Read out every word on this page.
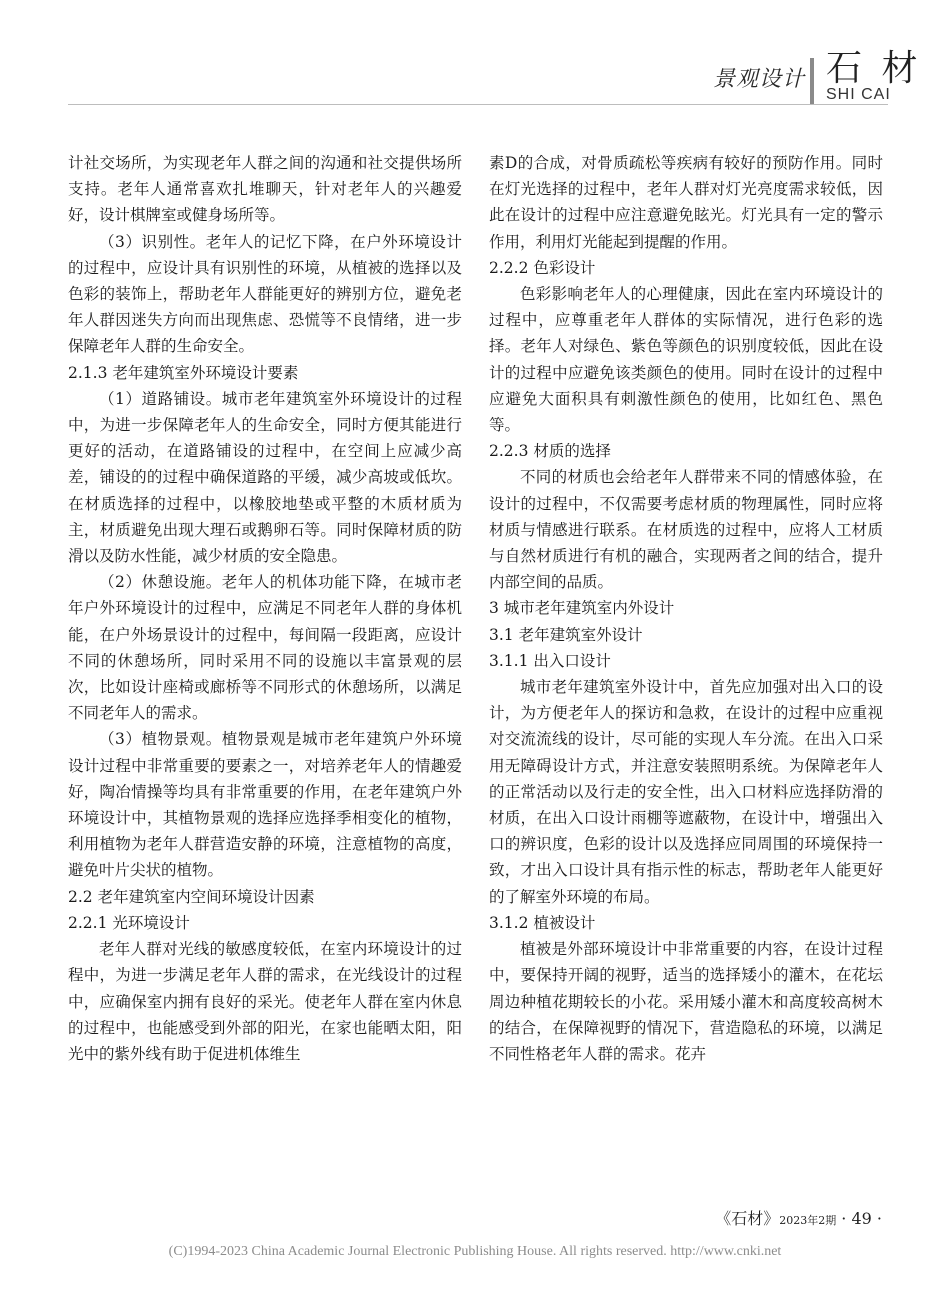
景观设计 石 材
SHI CAI

计社交场所，为实现老年人群之间的沟通和社交提供场所支持。老年人通常喜欢扎堆聊天，针对老年人的兴趣爱好，设计棋牌室或健身场所等。

（3）识别性。老年人的记忆下降，在户外环境设计的过程中，应设计具有识别性的环境，从植被的选择以及色彩的装饰上，帮助老年人群能更好的辨别方位，避免老年人群因迷失方向而出现焦虑、恐慌等不良情绪，进一步保障老年人群的生命安全。

2.1.3 老年建筑室外环境设计要素

（1）道路铺设。城市老年建筑室外环境设计的过程中，为进一步保障老年人的生命安全，同时方便其能进行更好的活动，在道路铺设的过程中，在空间上应减少高差，铺设的的过程中确保道路的平缓，减少高坡或低坎。在材质选择的过程中，以橡胶地垫或平整的木质材质为主，材质避免出现大理石或鹅卵石等。同时保障材质的防滑以及防水性能，减少材质的安全隐患。

（2）休憩设施。老年人的机体功能下降，在城市老年户外环境设计的过程中，应满足不同老年人群的身体机能，在户外场景设计的过程中，每间隔一段距离，应设计不同的休憩场所，同时采用不同的设施以丰富景观的层次，比如设计座椅或廊桥等不同形式的休憩场所，以满足不同老年人的需求。

（3）植物景观。植物景观是城市老年建筑户外环境设计过程中非常重要的要素之一，对培养老年人的情趣爱好，陶冶情操等均具有非常重要的作用，在老年建筑户外环境设计中，其植物景观的选择应选择季相变化的植物，利用植物为老年人群营造安静的环境，注意植物的高度，避免叶片尖状的植物。

2.2 老年建筑室内空间环境设计因素

2.2.1 光环境设计

老年人群对光线的敏感度较低，在室内环境设计的过程中，为进一步满足老年人群的需求，在光线设计的过程中，应确保室内拥有良好的采光。使老年人群在室内休息的过程中，也能感受到外部的阳光，在家也能晒太阳，阳光中的紫外线有助于促进机体维生

素D的合成，对骨质疏松等疾病有较好的预防作用。同时在灯光选择的过程中，老年人群对灯光亮度需求较低，因此在设计的过程中应注意避免眩光。灯光具有一定的警示作用，利用灯光能起到提醒的作用。

2.2.2 色彩设计

色彩影响老年人的心理健康，因此在室内环境设计的过程中，应尊重老年人群体的实际情况，进行色彩的选择。老年人对绿色、紫色等颜色的识别度较低，因此在设计的过程中应避免该类颜色的使用。同时在设计的过程中应避免大面积具有刺激性颜色的使用，比如红色、黑色等。

2.2.3 材质的选择

不同的材质也会给老年人群带来不同的情感体验，在设计的过程中，不仅需要考虑材质的物理属性，同时应将材质与情感进行联系。在材质选的过程中，应将人工材质与自然材质进行有机的融合，实现两者之间的结合，提升内部空间的品质。

3 城市老年建筑室内外设计

3.1 老年建筑室外设计

3.1.1 出入口设计

城市老年建筑室外设计中，首先应加强对出入口的设计，为方便老年人的探访和急救，在设计的过程中应重视对交流流线的设计，尽可能的实现人车分流。在出入口采用无障碍设计方式，并注意安装照明系统。为保障老年人的正常活动以及行走的安全性，出入口材料应选择防滑的材质，在出入口设计雨棚等遮蔽物，在设计中，增强出入口的辨识度，色彩的设计以及选择应同周围的环境保持一致，才出入口设计具有指示性的标志，帮助老年人能更好的了解室外环境的布局。

3.1.2 植被设计

植被是外部环境设计中非常重要的内容，在设计过程中，要保持开阔的视野，适当的选择矮小的灌木，在花坛周边种植花期较长的小花。采用矮小灌木和高度较高树木的结合，在保障视野的情况下，营造隐私的环境，以满足不同性格老年人群的需求。花卉

《石材》2023年2期 · 49 ·
(C)1994-2023 China Academic Journal Electronic Publishing House. All rights reserved. http://www.cnki.net
